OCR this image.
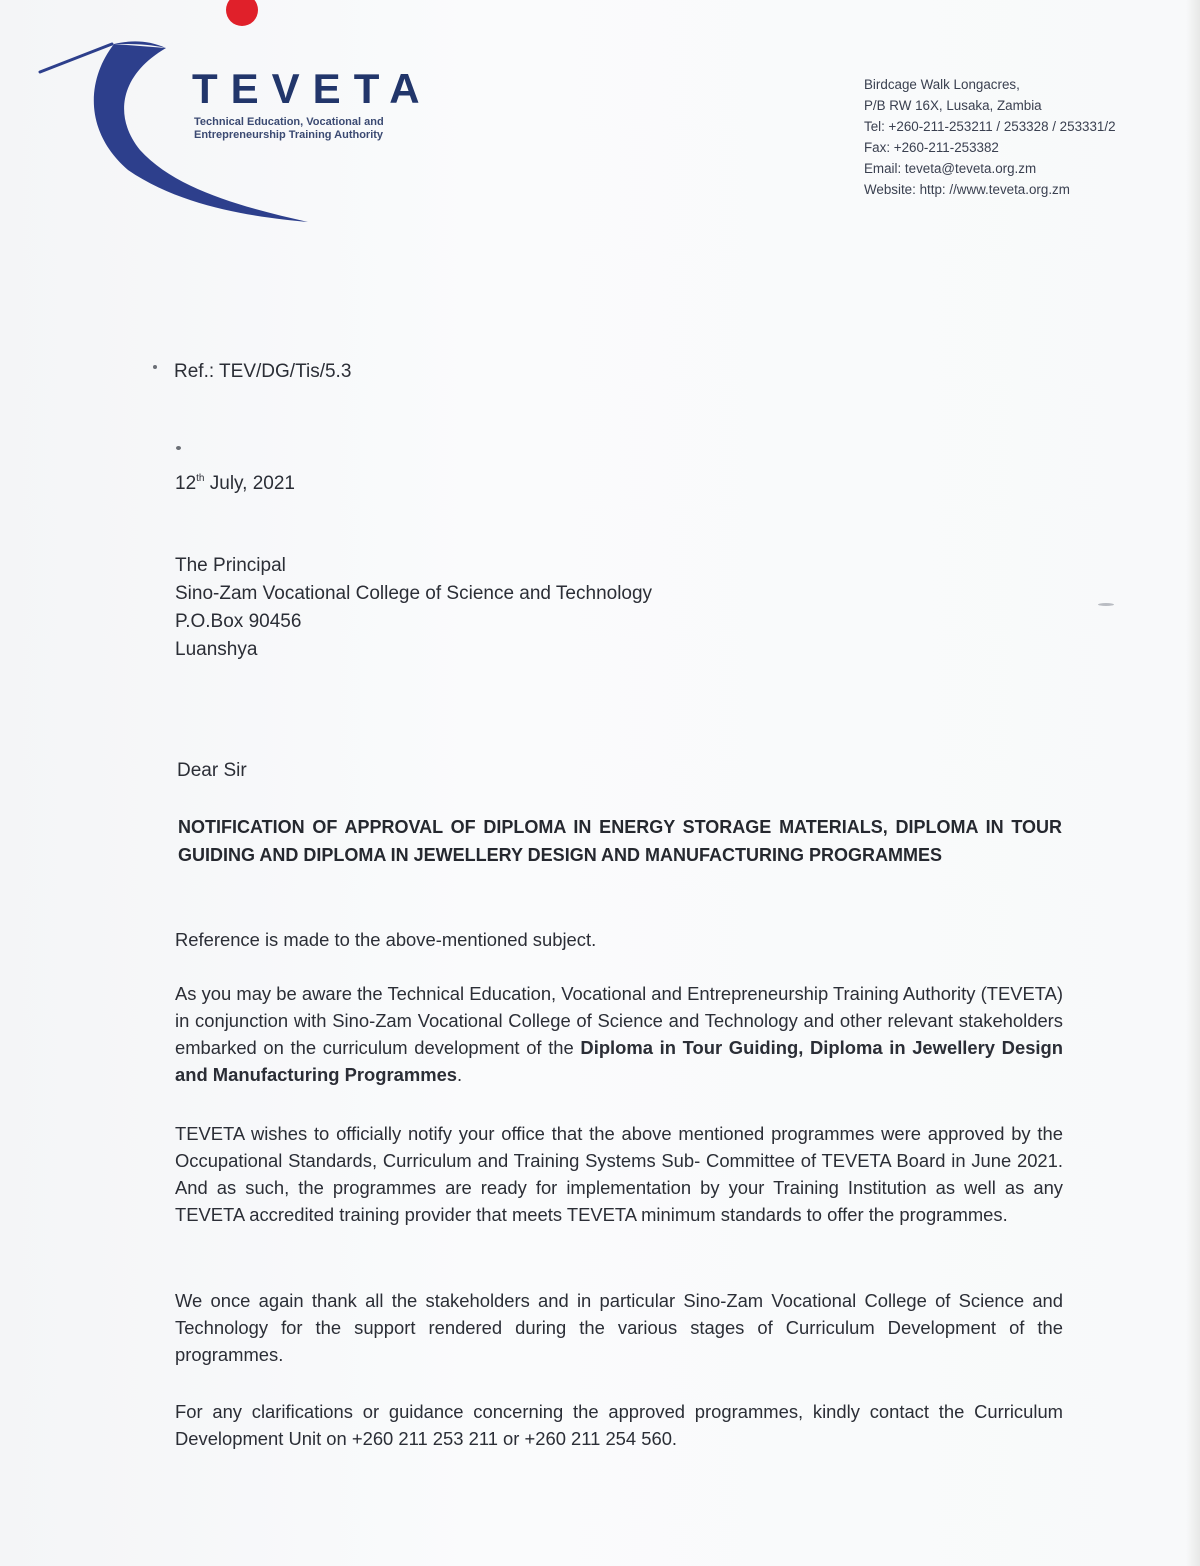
TEVETA
Technical Education, Vocational and
Entrepreneurship Training Authority
Birdcage Walk Longacres,
P/B RW 16X, Lusaka, Zambia
Tel: +260-211-253211 / 253328 / 253331/2
Fax: +260-211-253382
Email: teveta@teveta.org.zm
Website: http: //www.teveta.org.zm
Ref.: TEV/DG/Tis/5.3
12th July, 2021
The Principal
Sino-Zam Vocational College of Science and Technology
P.O.Box 90456
Luanshya
Dear Sir
NOTIFICATION OF APPROVAL OF DIPLOMA IN ENERGY STORAGE MATERIALS, DIPLOMA IN TOUR GUIDING AND DIPLOMA IN JEWELLERY DESIGN AND MANUFACTURING PROGRAMMES
Reference is made to the above-mentioned subject.
As you may be aware the Technical Education, Vocational and Entrepreneurship Training Authority (TEVETA) in conjunction with Sino-Zam Vocational College of Science and Technology and other relevant stakeholders embarked on the curriculum development of the Diploma in Tour Guiding, Diploma in Jewellery Design and Manufacturing Programmes.
TEVETA wishes to officially notify your office that the above mentioned programmes were approved by the Occupational Standards, Curriculum and Training Systems Sub- Committee of TEVETA Board in June 2021. And as such, the programmes are ready for implementation by your Training Institution as well as any TEVETA accredited training provider that meets TEVETA minimum standards to offer the programmes.
We once again thank all the stakeholders and in particular Sino-Zam Vocational College of Science and Technology for the support rendered during the various stages of Curriculum Development of the programmes.
For any clarifications or guidance concerning the approved programmes, kindly contact the Curriculum Development Unit on +260 211 253 211 or +260 211 254 560.
